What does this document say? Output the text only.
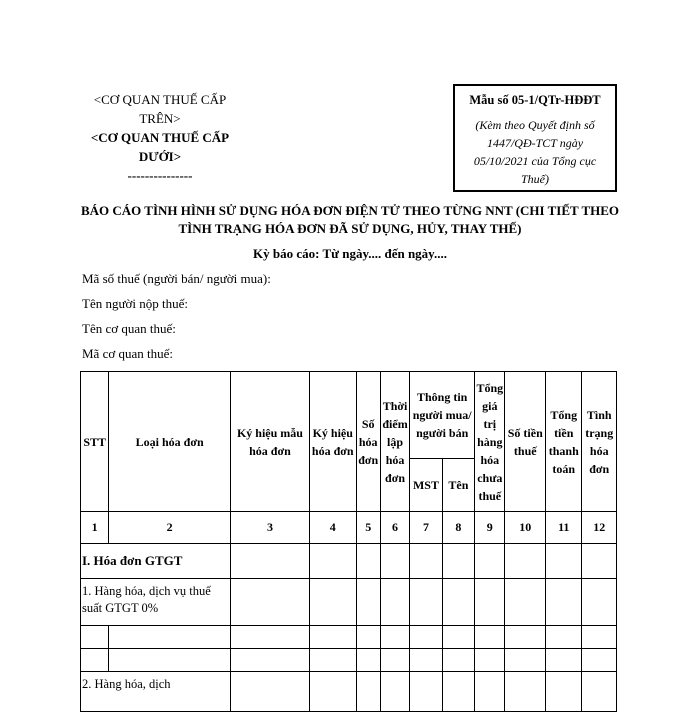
<CƠ QUAN THUẾ CẤP TRÊN>
<CƠ QUAN THUẾ CẤP DƯỚI>
---------------
Mẫu số 05-1/QTr-HĐĐT
(Kèm theo Quyết định số 1447/QĐ-TCT ngày 05/10/2021 của Tổng cục Thuế)
BÁO CÁO TÌNH HÌNH SỬ DỤNG HÓA ĐƠN ĐIỆN TỬ THEO TỪNG NNT (CHI TIẾT THEO TÌNH TRẠNG HÓA ĐƠN ĐÃ SỬ DỤNG, HỦY, THAY THẾ)
Kỳ báo cáo: Từ ngày.... đến ngày....
Mã số thuế (người bán/ người mua):
Tên người nộp thuế:
Tên cơ quan thuế:
Mã cơ quan thuế:
STT	Loại hóa đơn	Ký hiệu mẫu hóa đơn	Ký hiệu hóa đơn	Số hóa đơn	Thời điểm lập hóa đơn	Thông tin người mua/ người bán		Tổng giá trị hàng hóa chưa thuế	Số tiền thuế	Tổng tiền thanh toán	Tình trạng hóa đơn
						MST	Tên				
1	2	3	4	5	6	7	8	9	10	11	12
I. Hóa đơn GTGT											
1. Hàng hóa, dịch vụ thuế suất GTGT 0%											

2. Hàng hóa, dịch											
